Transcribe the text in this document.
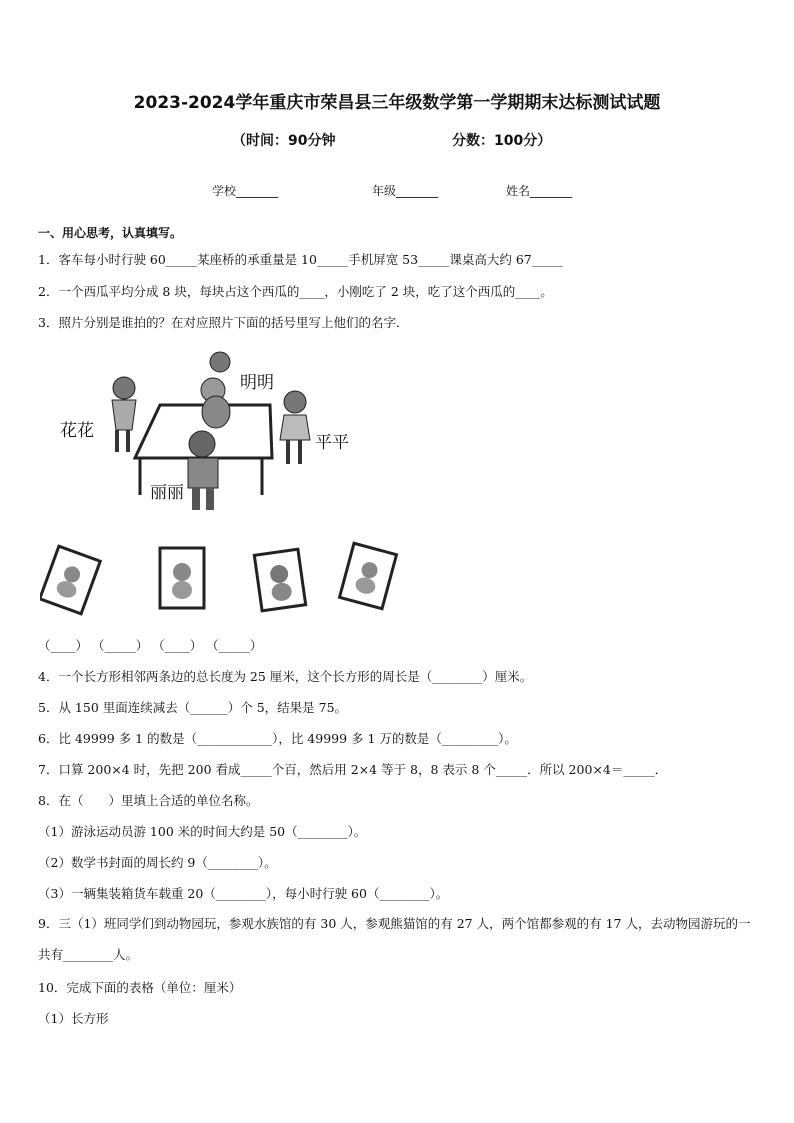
2023-2024学年重庆市荣昌县三年级数学第一学期期末达标测试试题
（时间：90分钟	分数：100分）
学校_______	年级_______	姓名_______
一、用心思考，认真填写。
1．客车每小时行驶 60_____某座桥的承重量是 10_____手机屏宽 53_____课桌高大约 67_____
2．一个西瓜平均分成 8 块，每块占这个西瓜的____，小刚吃了 2 块，吃了这个西瓜的____。
3．照片分别是谁拍的？在对应照片下面的括号里写上他们的名字．
花花
明明
平平
丽丽
（____） （_____） （____） （_____）
4．一个长方形相邻两条边的总长度为 25 厘米，这个长方形的周长是（________）厘米。
5．从 150 里面连续减去（______）个 5，结果是 75。
6．比 49999 多 1 的数是（____________），比 49999 多 1 万的数是（_________）。
7．口算 200×4 时，先把 200 看成_____个百，然后用 2×4 等于 8，8 表示 8 个_____．所以 200×4＝_____．
8．在（　　）里填上合适的单位名称。
（1）游泳运动员游 100 米的时间大约是 50（________）。
（2）数学书封面的周长约 9（________）。
（3）一辆集装箱货车载重 20（________），每小时行驶 60（________）。
9．三（1）班同学们到动物园玩，参观水族馆的有 30 人，参观熊猫馆的有 27 人，两个馆都参观的有 17 人，去动物园游玩的一共有________人。
10．完成下面的表格（单位：厘米）
（1）长方形
